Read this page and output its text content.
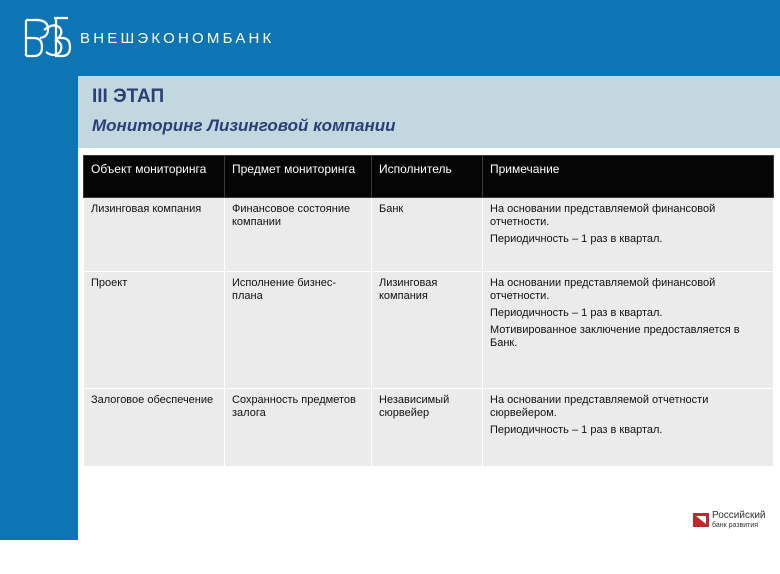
ВНЕШЭКОНОМБАНК
20
III ЭТАП
Мониторинг Лизинговой компании
Объект мониторинга	Предмет мониторинга	Исполнитель	Примечание
Лизинговая компания	Финансовое состояние компании	Банк	На основании представляемой финансовой отчетности.
Периодичность – 1 раз в квартал.

Проект	Исполнение бизнес-плана	Лизинговая компания	На основании представляемой финансовой отчетности.
Периодичность – 1 раз в квартал.
Мотивированное заключение предоставляется в Банк.

Залоговое обеспечение	Сохранность предметов залога	Независимый сюрвейер	На основании представляемой отчетности сюрвейером.
Периодичность – 1 раз в квартал.
Российский
банк развития
